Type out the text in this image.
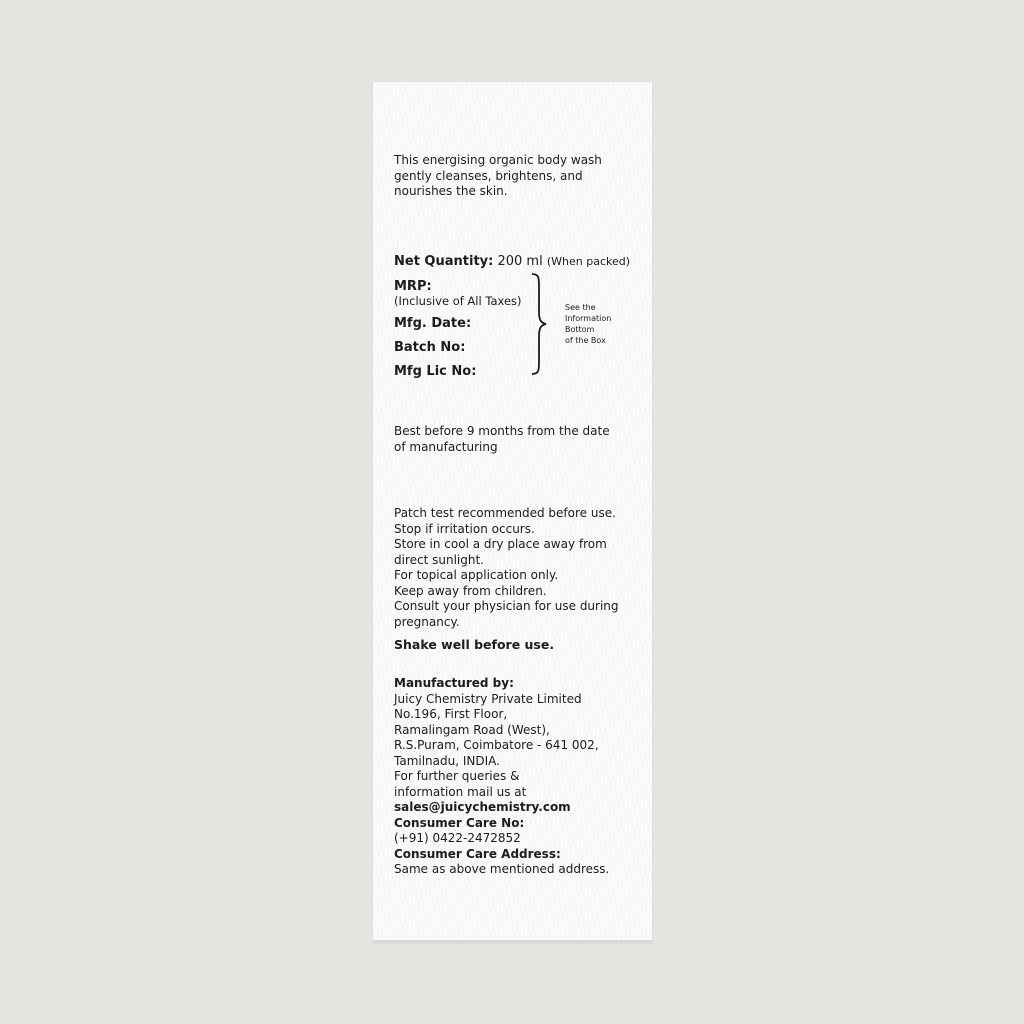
This energising organic body wash
gently cleanses, brightens, and
nourishes the skin.
Net Quantity: 200 ml (When packed)
MRP:
(Inclusive of All Taxes)
Mfg. Date:
Batch No:
Mfg Lic No:
See the
Information
Bottom
of the Box
Best before 9 months from the date
of manufacturing
Patch test recommended before use.
Stop if irritation occurs.
Store in cool a dry place away from
direct sunlight.
For topical application only.
Keep away from children.
Consult your physician for use during
pregnancy.
Shake well before use.
Manufactured by:
Juicy Chemistry Private Limited
No.196, First Floor,
Ramalingam Road (West),
R.S.Puram, Coimbatore - 641 002,
Tamilnadu, INDIA.
For further queries &
information mail us at
sales@juicychemistry.com
Consumer Care No:
(+91) 0422-2472852
Consumer Care Address:
Same as above mentioned address.
